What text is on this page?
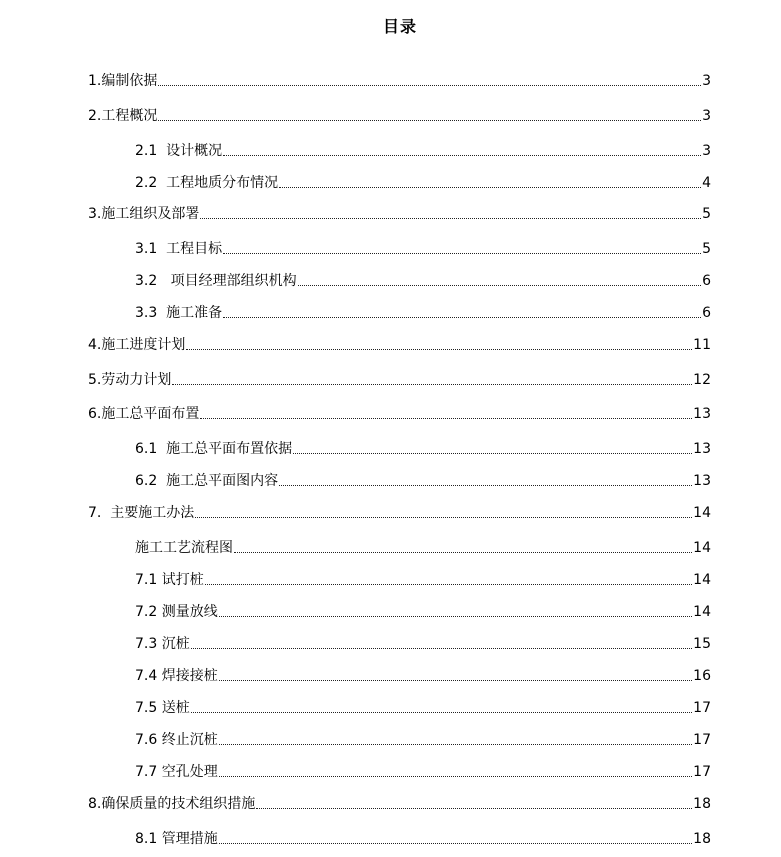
目录
1.编制依据	3
2.工程概况	3
2.1  设计概况	3
2.2  工程地质分布情况	4
3.施工组织及部署	5
3.1  工程目标	5
3.2   项目经理部组织机构	6
3.3  施工准备	6
4.施工进度计划	11
5.劳动力计划	12
6.施工总平面布置	13
6.1  施工总平面布置依据	13
6.2  施工总平面图内容	13
7.  主要施工办法	14
施工工艺流程图	14
7.1 试打桩	14
7.2 测量放线	14
7.3 沉桩	15
7.4 焊接接桩	16
7.5 送桩	17
7.6 终止沉桩	17
7.7 空孔处理	17
8.确保质量的技术组织措施	18
8.1 管理措施	18
